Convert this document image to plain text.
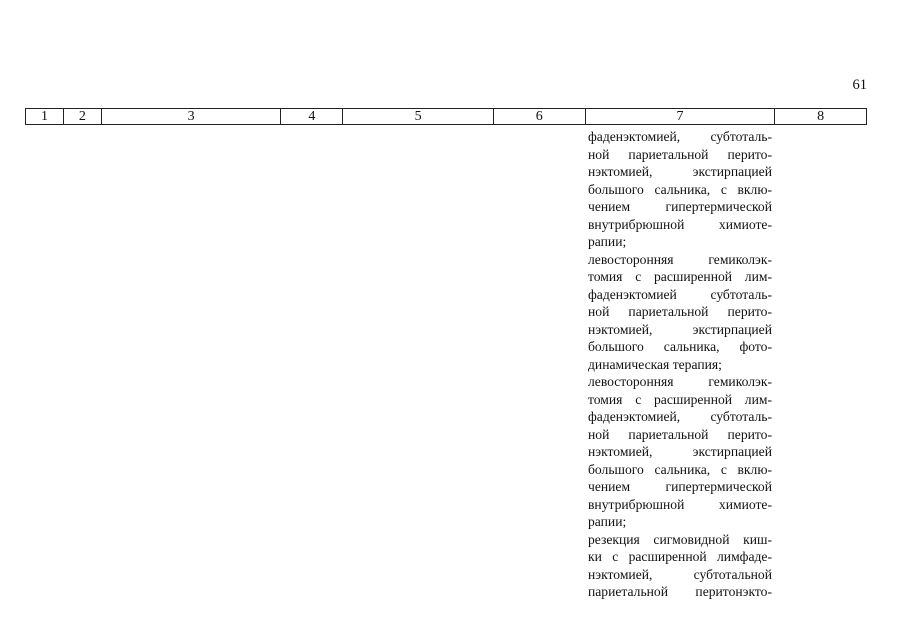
61
1	2	3	4	5	6	7	8
фаденэктомией, субтоталь-
ной париетальной перито-
нэктомией, экстирпацией
большого сальника, с вклю-
чением гипертермической
внутрибрюшной химиоте-
рапии;
левосторонняя гемиколэк-
томия с расширенной лим-
фаденэктомией субтоталь-
ной париетальной перито-
нэктомией, экстирпацией
большого сальника, фото-
динамическая терапия;
левосторонняя гемиколэк-
томия с расширенной лим-
фаденэктомией, субтоталь-
ной париетальной перито-
нэктомией, экстирпацией
большого сальника, с вклю-
чением гипертермической
внутрибрюшной химиоте-
рапии;
резекция сигмовидной киш-
ки с расширенной лимфаде-
нэктомией, субтотальной
париетальной перитонэкто-
